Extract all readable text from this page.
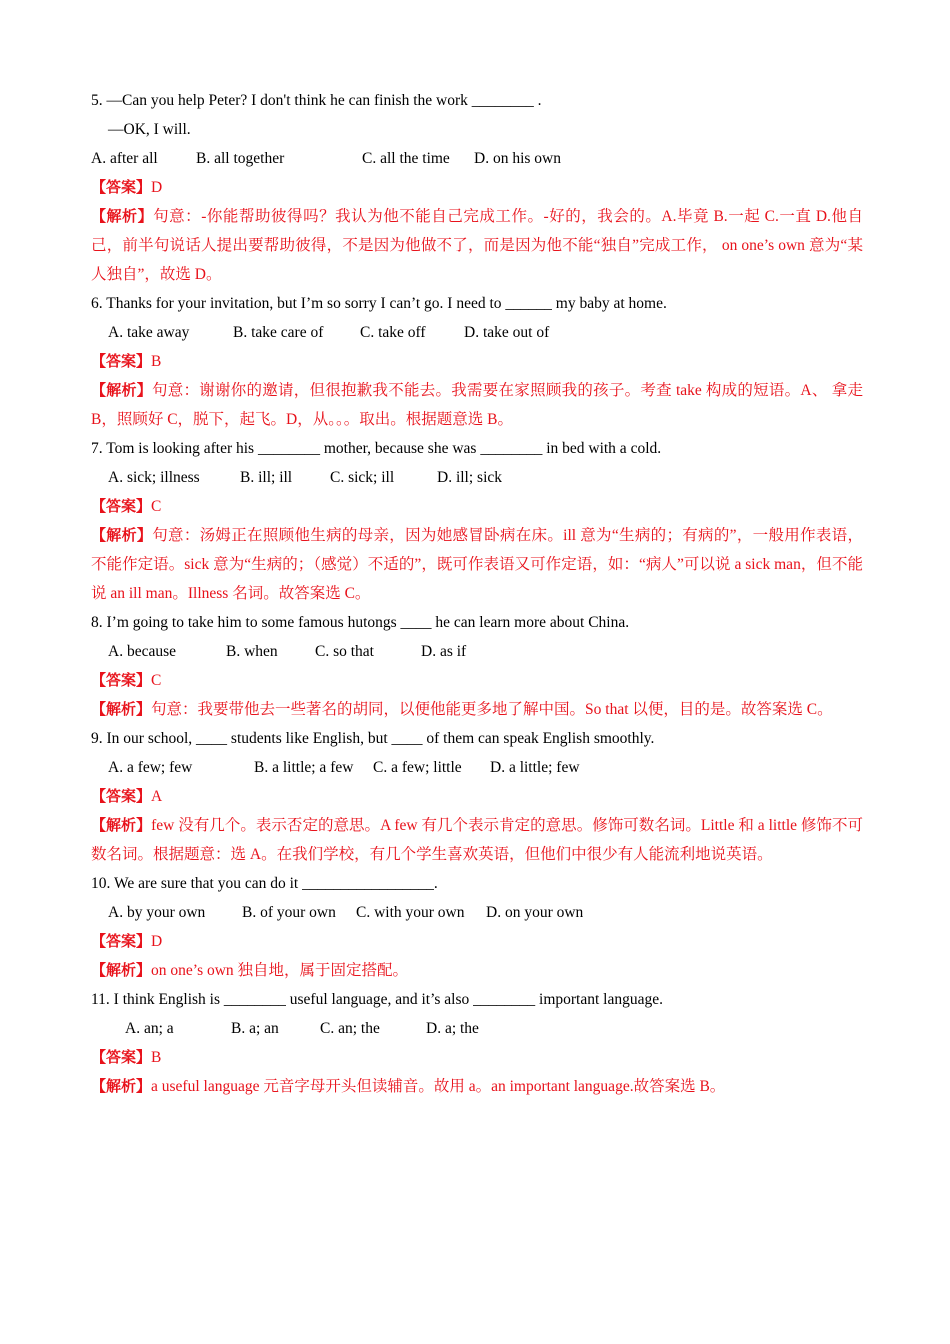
5. —Can you help Peter? I don't think he can finish the work ________ .
—OK, I will.
A. after all B. all together	C. all the time D. on his own
【答案】D
【解析】句意：-你能帮助彼得吗？我认为他不能自己完成工作。-好的，我会的。A.毕竟 B.一起 C.一直 D.他自己，前半句说话人提出要帮助彼得，不是因为他做不了，而是因为他不能“独自”完成工作， on one’s own 意为“某人独自”，故选 D。
6. Thanks for your invitation, but I’m so sorry I can’t go. I need to ______ my baby at home.
A. take away	B. take care of C. take off D. take out of
【答案】B
【解析】句意：谢谢你的邀请，但很抱歉我不能去。我需要在家照顾我的孩子。考查 take 构成的短语。A、 拿走 B，照顾好 C，脱下，起飞。D，从。。。取出。根据题意选 B。
7. Tom is looking after his ________ mother, because she was ________ in bed with a cold.
A. sick; illness	B. ill; ill C. sick; ill	D. ill; sick
【答案】C
【解析】句意：汤姆正在照顾他生病的母亲，因为她感冒卧病在床。ill 意为“生病的；有病的”，一般用作表语，不能作定语。sick 意为“生病的；（感觉）不适的”，既可作表语又可作定语，如：“病人”可以说 a sick man，但不能说 an ill man。Illness 名词。故答案选 C。
8. I’m going to take him to some famous hutongs ____ he can learn more about China.
A. because	B. when C. so that	D. as if
【答案】C
【解析】句意：我要带他去一些著名的胡同，以便他能更多地了解中国。So that 以便，目的是。故答案选 C。
9. In our school, ____ students like English, but ____ of them can speak English smoothly.
A. a few; few	B. a little; a few C. a few; little D. a little; few
【答案】A
【解析】few 没有几个。表示否定的意思。A few 有几个表示肯定的意思。修饰可数名词。Little 和 a little 修饰不可数名词。根据题意：选 A。在我们学校，有几个学生喜欢英语，但他们中很少有人能流利地说英语。
10. We are sure that you can do it _________________.
A. by your own B. of your own C. with your own D. on your own
【答案】D
【解析】on one’s own 独自地，属于固定搭配。
11. I think English is ________ useful language, and it’s also ________ important language.
A. an; a	B. a; an	C. an; the	D. a; the
【答案】B
【解析】a useful language 元音字母开头但读辅音。故用 a。an important language.故答案选 B。
